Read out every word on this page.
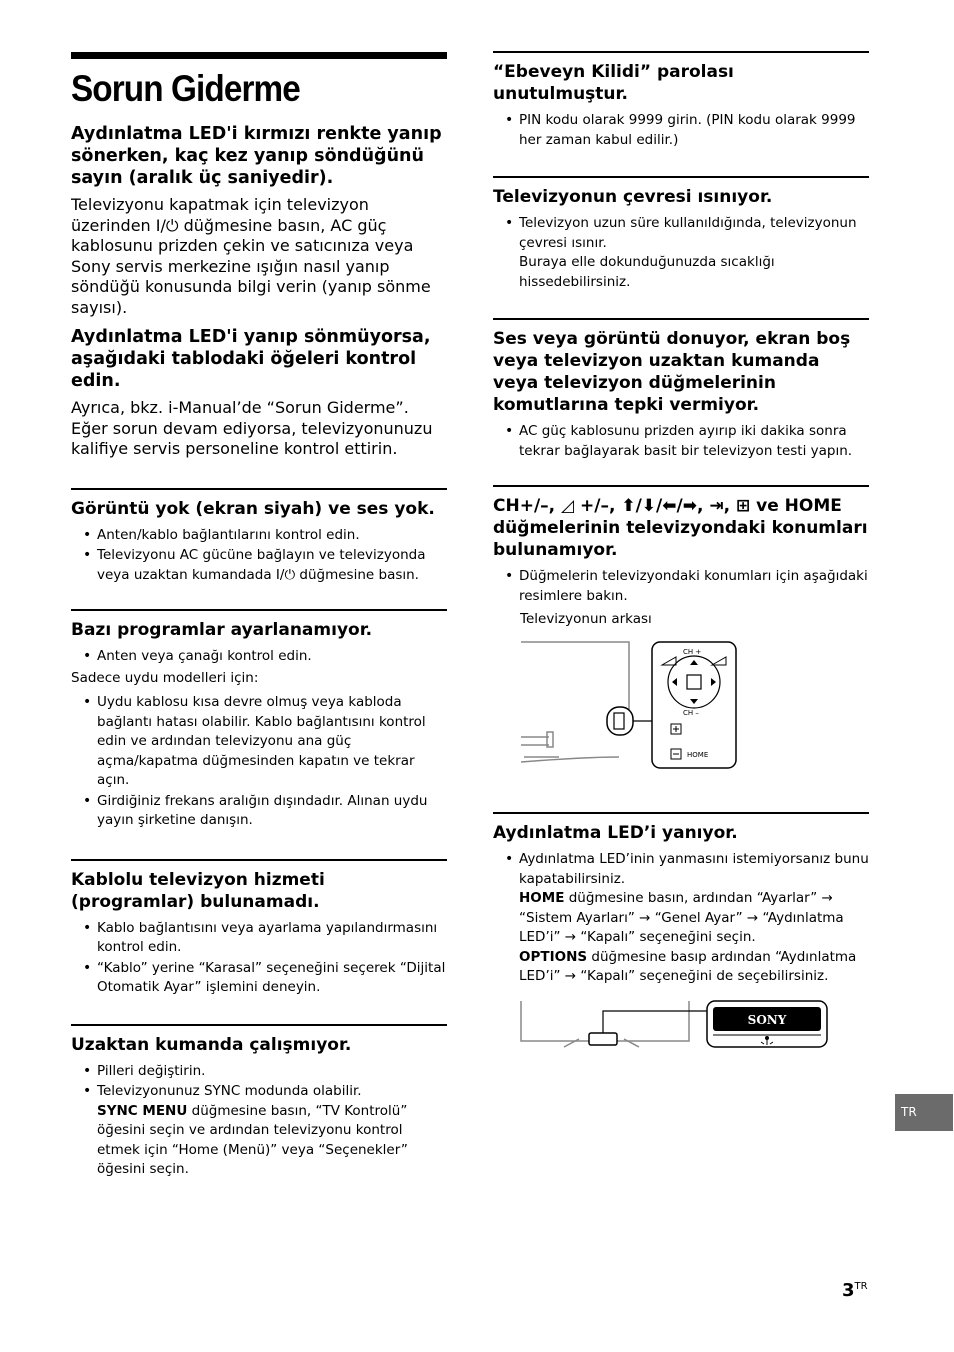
Sorun Giderme
Aydınlatma LED'i kırmızı renkte yanıp sönerken, kaç kez yanıp söndüğünü sayın (aralık üç saniyedir).
Televizyonu kapatmak için televizyon üzerinden I/⏻ düğmesine basın, AC güç kablosunu prizden çekin ve satıcınıza veya Sony servis merkezine ışığın nasıl yanıp söndüğü konusunda bilgi verin (yanıp sönme sayısı).
Aydınlatma LED'i yanıp sönmüyorsa, aşağıdaki tablodaki öğeleri kontrol edin.
Ayrıca, bkz. i-Manual’de “Sorun Giderme”. Eğer sorun devam ediyorsa, televizyonunuzu kalifiye servis personeline kontrol ettirin.
Görüntü yok (ekran siyah) ve ses yok.
• Anten/kablo bağlantılarını kontrol edin.
• Televizyonu AC gücüne bağlayın ve televizyonda veya uzaktan kumandada I/⏻ düğmesine basın.
Bazı programlar ayarlanamıyor.
• Anten veya çanağı kontrol edin.
Sadece uydu modelleri için:
• Uydu kablosu kısa devre olmuş veya kabloda bağlantı hatası olabilir. Kablo bağlantısını kontrol edin ve ardından televizyonu ana güç açma/kapatma düğmesinden kapatın ve tekrar açın.
• Girdiğiniz frekans aralığın dışındadır. Alınan uydu yayın şirketine danışın.
Kablolu televizyon hizmeti (programlar) bulunamadı.
• Kablo bağlantısını veya ayarlama yapılandırmasını kontrol edin.
• “Kablo” yerine “Karasal” seçeneğini seçerek “Dijital Otomatik Ayar” işlemini deneyin.
Uzaktan kumanda çalışmıyor.
• Pilleri değiştirin.
• Televizyonunuz SYNC modunda olabilir.
SYNC MENU düğmesine basın, “TV Kontrolü” öğesini seçin ve ardından televizyonu kontrol etmek için “Home (Menü)” veya “Seçenekler” öğesini seçin.
“Ebeveyn Kilidi” parolası unutulmuştur.
• PIN kodu olarak 9999 girin. (PIN kodu olarak 9999 her zaman kabul edilir.)
Televizyonun çevresi ısınıyor.
• Televizyon uzun süre kullanıldığında, televizyonun çevresi ısınır.
Buraya elle dokunduğunuzda sıcaklığı hissedebilirsiniz.
Ses veya görüntü donuyor, ekran boş veya televizyon uzaktan kumanda veya televizyon düğmelerinin komutlarına tepki vermiyor.
• AC güç kablosunu prizden ayırıp iki dakika sonra tekrar bağlayarak basit bir televizyon testi yapın.
CH+/–, ◿ +/–, ⬆/⬇/⬅/➡, ⇥, ⊞ ve HOME düğmelerinin televizyondaki konumları bulunamıyor.
• Düğmelerin televizyondaki konumları için aşağıdaki resimlere bakın.
Televizyonun arkası
CH +
CH –
HOME
Aydınlatma LED’i yanıyor.
• Aydınlatma LED’inin yanmasını istemiyorsanız bunu kapatabilirsiniz.
HOME düğmesine basın, ardından “Ayarlar” → “Sistem Ayarları” → “Genel Ayar” → “Aydınlatma LED’i” → “Kapalı” seçeneğini seçin.
OPTIONS düğmesine basıp ardından “Aydınlatma LED’i” → “Kapalı” seçeneğini de seçebilirsiniz.
SONY
TR
$3^{TR}$
